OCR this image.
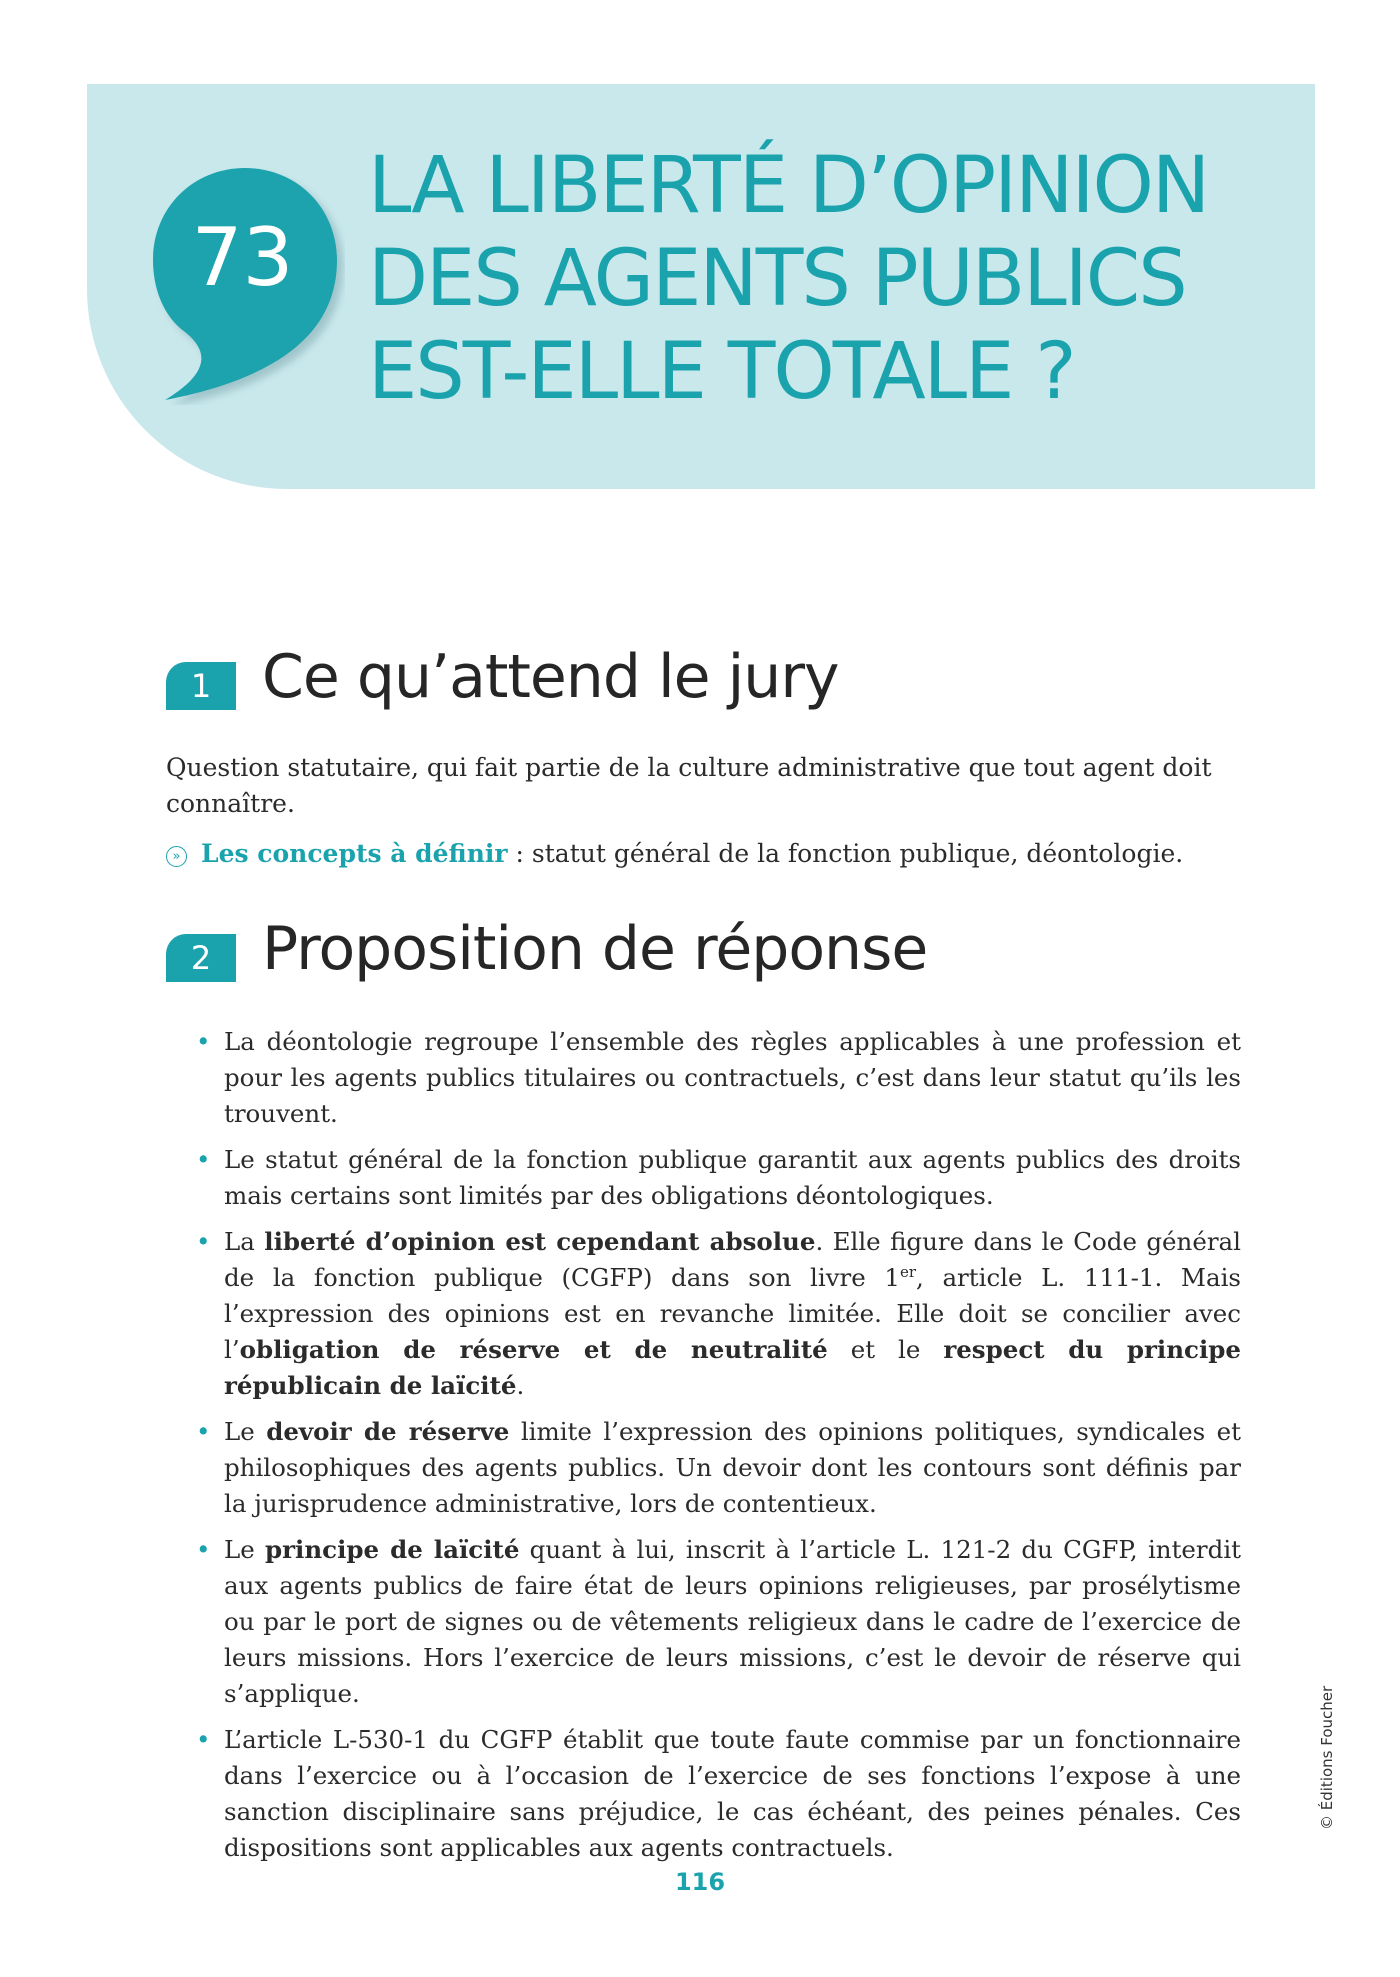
73
LA LIBERTÉ D’OPINION
DES AGENTS PUBLICS
EST-ELLE TOTALE ?
1 Ce qu’attend le jury

Question statutaire, qui fait partie de la culture administrative que tout agent doit connaître.

» Les concepts à définir : statut général de la fonction publique, déontologie.
2 Proposition de réponse
• La déontologie regroupe l’ensemble des règles applicables à une profession et pour les agents publics titulaires ou contractuels, c’est dans leur statut qu’ils les trouvent.
• Le statut général de la fonction publique garantit aux agents publics des droits mais certains sont limités par des obligations déontologiques.
• La liberté d’opinion est cependant absolue. Elle figure dans le Code général de la fonction publique (CGFP) dans son livre 1er, article L. 111-1. Mais l’expression des opinions est en revanche limitée. Elle doit se concilier avec l’obligation de réserve et de neutralité et le respect du principe républicain de laïcité.
• Le devoir de réserve limite l’expression des opinions politiques, syndicales et philosophiques des agents publics. Un devoir dont les contours sont définis par la jurisprudence administrative, lors de contentieux.
• Le principe de laïcité quant à lui, inscrit à l’article L. 121-2 du CGFP, interdit aux agents publics de faire état de leurs opinions religieuses, par prosélytisme ou par le port de signes ou de vêtements religieux dans le cadre de l’exercice de leurs missions. Hors l’exercice de leurs missions, c’est le devoir de réserve qui s’applique.
• L’article L-530-1 du CGFP établit que toute faute commise par un fonctionnaire dans l’exercice ou à l’occasion de l’exercice de ses fonctions l’expose à une sanction disciplinaire sans préjudice, le cas échéant, des peines pénales. Ces dispositions sont applicables aux agents contractuels.
116
© Éditions Foucher
